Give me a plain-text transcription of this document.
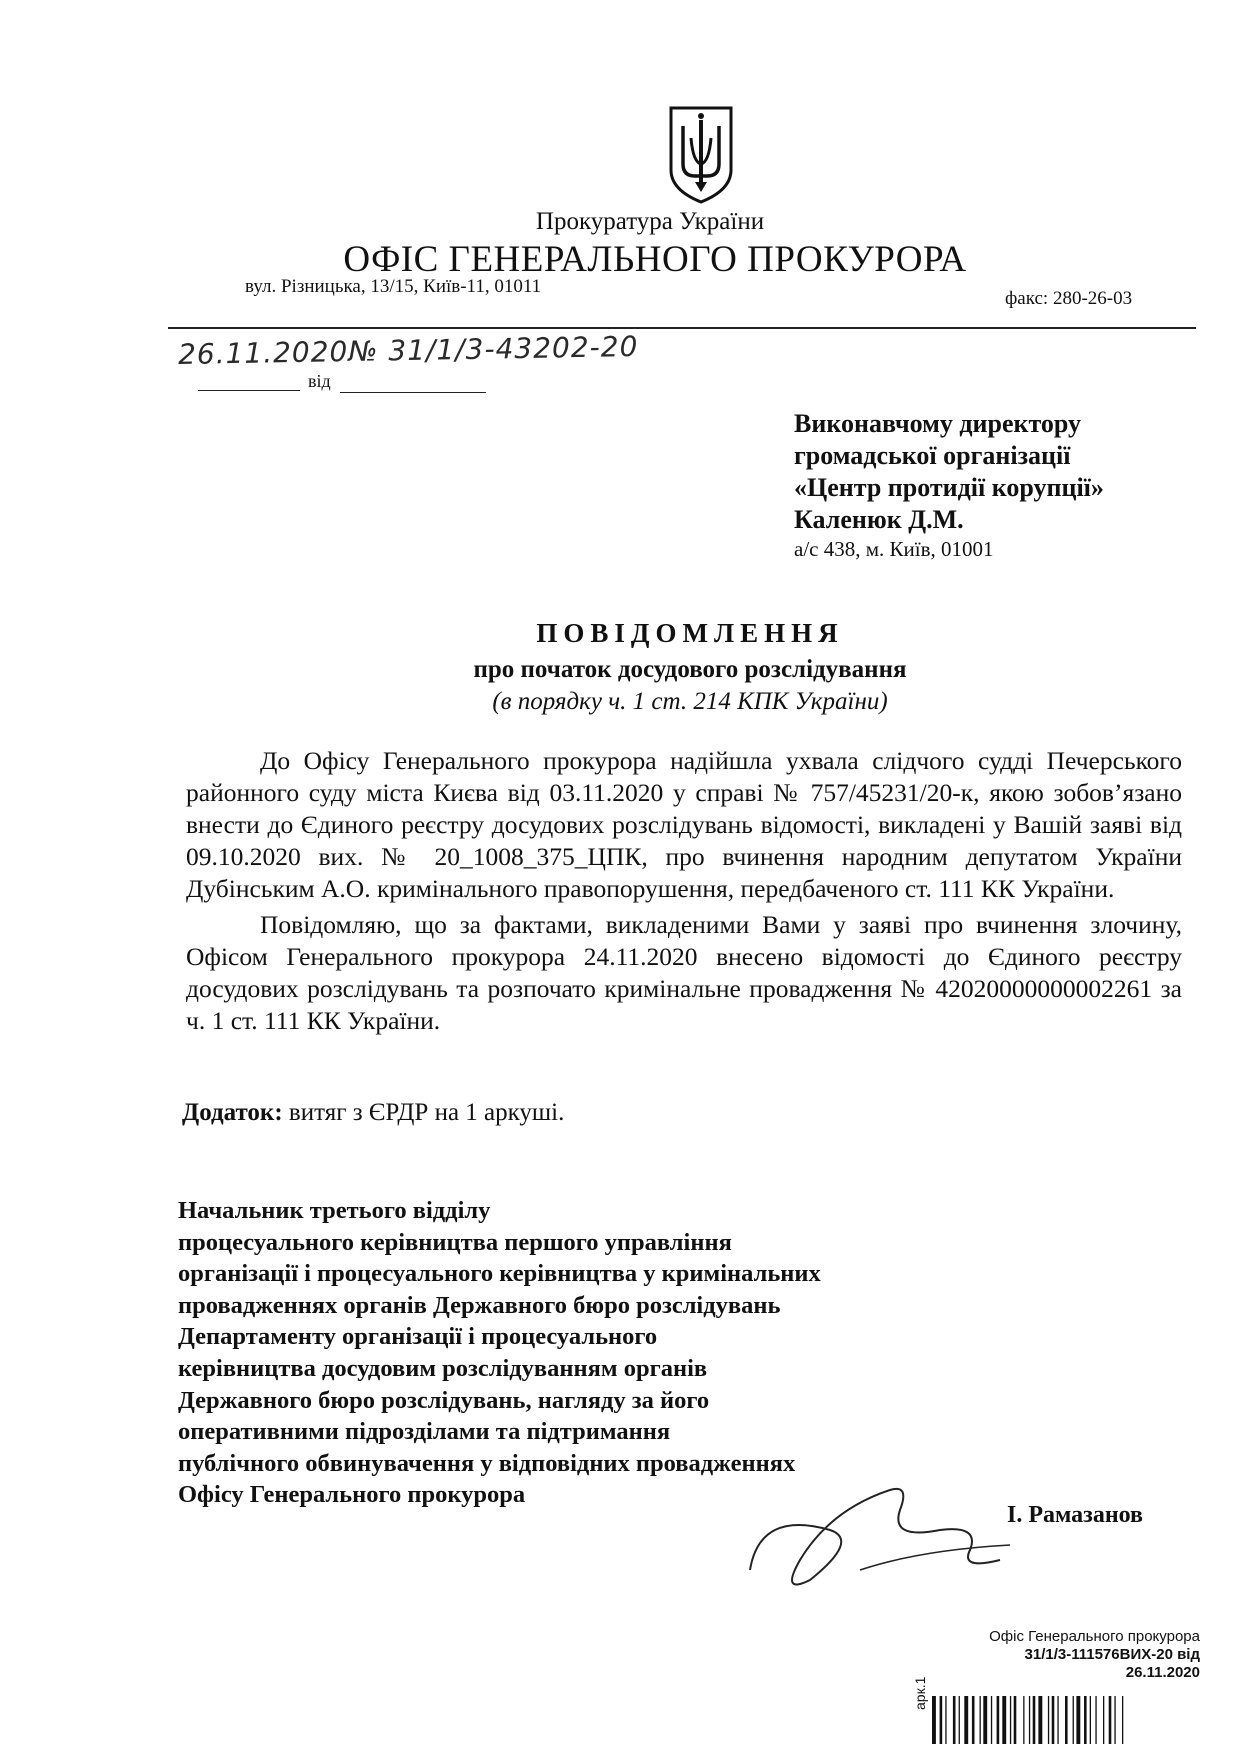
Прокуратура України
ОФІС ГЕНЕРАЛЬНОГО ПРОКУРОРА
вул. Різницька, 13/15, Київ-11, 01011
факс: 280-26-03
26.11.2020№ 31/1/3-43202-20
від
Виконавчому директору
громадської організації
«Центр протидії корупції»
Каленюк Д.М.
а/с 438, м. Київ, 01001
ПОВІДОМЛЕННЯ
про початок досудового розслідування
(в порядку ч. 1 ст. 214 КПК України)

До Офісу Генерального прокурора надійшла ухвала слідчого судді Печерського районного суду міста Києва від 03.11.2020 у справі № 757/45231/20-к, якою зобов’язано внести до Єдиного реєстру досудових розслідувань відомості, викладені у Вашій заяві від 09.10.2020 вих. № 20_1008_375_ЦПК, про вчинення народним депутатом України Дубінським А.О. кримінального правопорушення, передбаченого ст. 111 КК України.

Повідомляю, що за фактами, викладеними Вами у заяві про вчинення злочину, Офісом Генерального прокурора 24.11.2020 внесено відомості до Єдиного реєстру досудових розслідувань та розпочато кримінальне провадження № 42020000000002261 за ч. 1 ст. 111 КК України.

Додаток: витяг з ЄРДР на 1 аркуші.
Начальник третього відділу
процесуального керівництва першого управління
організації і процесуального керівництва у кримінальних
провадженнях органів Державного бюро розслідувань
Департаменту організації і процесуального
керівництва досудовим розслідуванням органів
Державного бюро розслідувань, нагляду за його
оперативними підрозділами та підтримання
публічного обвинувачення у відповідних провадженнях
Офісу Генерального прокурора
І. Рамазанов
Офіс Генерального прокурора
31/1/3-111576ВИХ-20 від
26.11.2020
арк.1
